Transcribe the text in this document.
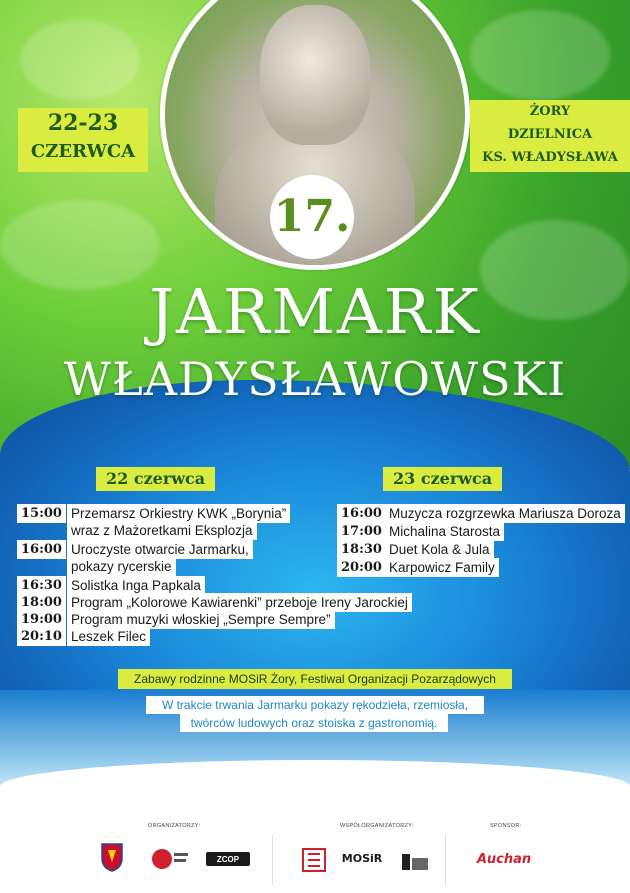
17.
22-23
CZERWCA
ŻORY
DZIELNICA
KS. WŁADYSŁAWA
JARMARK
WŁADYSŁAWOWSKI
22 czerwca
15:00 Przemarsz Orkiestry KWK „Borynia”
wraz z Mażoretkami Eksplozja
16:00 Uroczyste otwarcie Jarmarku,
pokazy rycerskie
16:30 Solistka Inga Papkala
18:00 Program „Kolorowe Kawiarenki” przeboje Ireny Jarockiej
19:00 Program muzyki włoskiej „Sempre Sempre”
20:10 Leszek Filec
23 czerwca
16:00 Muzycza rozgrzewka Mariusza Doroza
17:00 Michalina Starosta
18:30 Duet Kola & Jula
20:00 Karpowicz Family
Zabawy rodzinne MOSiR Żory, Festiwal Organizacji Pozarządowych
W trakcie trwania Jarmarku pokazy rękodzieła, rzemiosła,
twórców ludowych oraz stoiska z gastronomią.
ORGANIZATORZY:	WSPÓŁORGANIZATORZY:	SPONSOR:
ZCOP	MOSiR	Auchan
